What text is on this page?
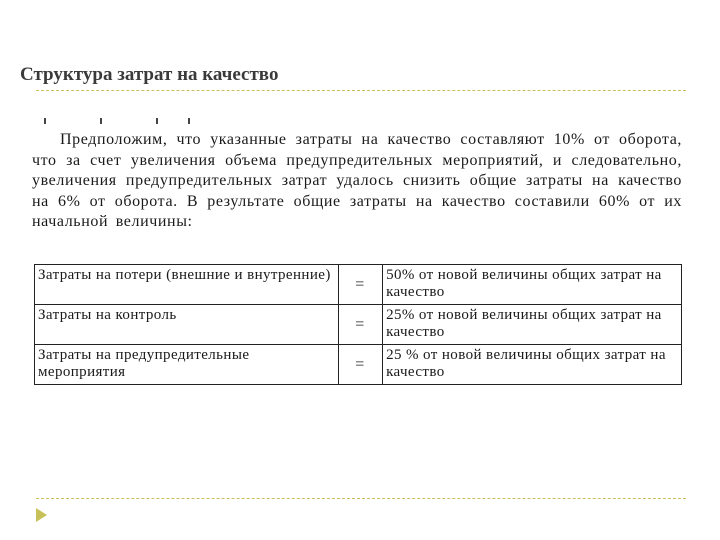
Структура затрат на качество

Предположим, что указанные затраты на качество составляют 10% от оборота, что за счет увеличения объема предупредительных мероприятий, и следовательно, увеличения предупредительных затрат удалось снизить общие затраты на качество на 6% от оборота. В результате общие затраты на качество составили 60% от их начальной величины:

Затраты на потери (внешние и внутренние)	=	50% от новой величины общих затрат на качество
Затраты на контроль	=	25% от новой величины общих затрат на качество
Затраты на предупредительные мероприятия	=	25 % от новой величины общих затрат на качество
